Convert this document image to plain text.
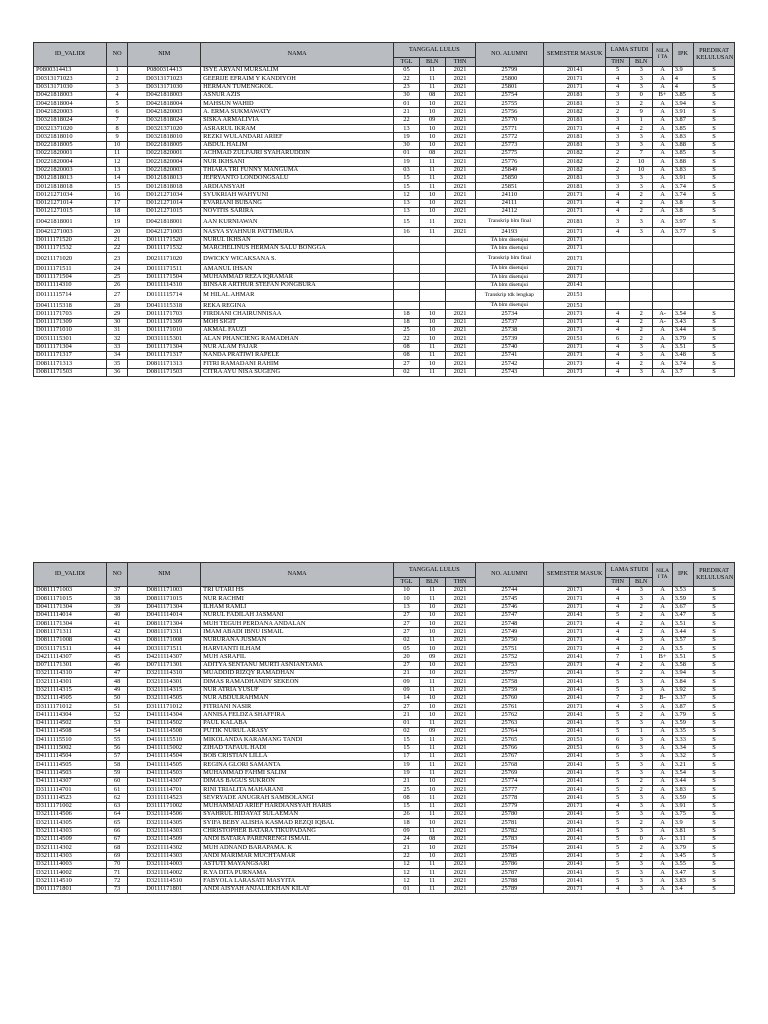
ID_VALIDI	NO	NIM	NAMA	TANGGAL LULUS			NO. ALUMNI	SEMESTER MASUK	LAMA STUDI		NILA I TA	IPK	PREDIKAT KELULUSAN
				TGL	BLN	THN			THN	BLN			
P0800314413	1	P0800314413	ISYE ARYANI MURSALIM	05	11	2021	25799	20141	5	3	A	3.9	S
D0313171023	2	D0313171023	GEERIJE EFRAIM Y KANDIYOH	22	11	2021	25800	20171	4	3	A	4	S
D0313171030	3	D0313171030	HERMAN TUMENGKOL	23	11	2021	25801	20171	4	3	A	4	S
D0421818003	4	D0421818003	ASNUR AZIS	30	08	2021	25754	20181	3	0	B+	3.85	S
D0421818004	5	D0421818004	MAHSUN WAHID	01	10	2021	25755	20181	3	2	A	3.94	S
D0421820003	6	D0421820003	A. ERMA SUKMAWATY	21	10	2021	25756	20182	2	9	A	3.91	S
D0321818024	7	D0321818024	SISKA ARMALIVIA	22	09	2021	25770	20181	3	1	A	3.87	S
D0321371020	8	D0321371020	ASRARUL IKRAM	13	10	2021	25771	20171	4	2	A	3.85	S
D0321818010	9	D0321818010	REZKI WULANDARI ARIEF	19	10	2021	25772	20181	3	3	A	3.83	S
D0221818005	10	D0221818005	ABDUL HALIM	30	10	2021	25773	20181	3	3	A	3.88	S
D0221820001	11	D0221820001	ACHMAD ZULFAJRI SYAHARUDDIN	01	08	2021	25775	20182	2	7	A	3.85	S
D0221820004	12	D0221820004	NUR IKHSANI	19	11	2021	25776	20182	2	10	A	3.88	S
D0221820003	13	D0221820003	THIARA TRI FUNNY MANGUMA	03	11	2021	25849	20182	2	10	A	3.83	S
D0121818013	14	D0121818013	JEFRYANTO LONDONGSALU	15	11	2021	25850	20181	3	3	A	3.91	S
D0121818018	15	D0121818018	ARDIANSYAH	15	11	2021	25851	20181	3	3	A	3.74	S
D0121271034	16	D0121271034	SYUKRIAH WAHYUNI	12	10	2021	24110	20171	4	2	A	3.74	S
D0121271014	17	D0121271014	EVARIANI BUBANG	13	10	2021	24111	20171	4	2	A	3.8	S
D0121271015	18	D0121271015	NOVITIS SARIRA	13	10	2021	24112	20171	4	2	A	3.8	S
D0421818001	19	D0421818001	AAN KURNIAWAN	15	11	2021	Transkrip blm final	20181	3	3	A	3.97	S
D0421271003	20	D0421271003	NASYA SYAHNUR PATTIMURA	16	11	2021	24193	20171	4	3	A	3.77	S
D0111171520	21	D0111171520	NURUL IKHSAN				TA blm disetujui	20171					
D0111171532	22	D0111171532	MARCHELINUS HERMAN SALU BONGGA				TA blm disetujui	20171					
D0211171020	23	D0211171020	DWICKY WICAKSANA S.				Transkrip blm final	20171					
D0111171511	24	D0111171511	AMANUL IHSAN				TA blm disetujui	20171					
D0111171504	25	D0111171504	MUHAMMAD REZA IQRAMAR				TA blm disetujui	20171					
D0111114310	26	D0111114310	BINSAR ARTHUR STEFAN PONGBURA				TA blm disetujui	20141					
D0111115714	27	D0111115714	M HILAL AHMAR				Transkrip tdk lengkap	20151					
D0411115318	28	D0411115318	REKA REGINA				TA blm disetujui	20151					
D0111171703	29	D0111171703	FIRDIANI CHAIRUNNISAA	18	10	2021	25734	20171	4	2	A-	3.54	S
D0111171309	30	D0111171309	MOH SIGIT	18	10	2021	25737	20171	4	2	A-	3.43	S
D0111171010	31	D0111171010	AKMAL FAUZI	25	10	2021	25738	20171	4	2	A	3.44	S
D0311115301	32	D0311115301	ALAN PHANCIENG RAMADHAN	22	10	2021	25739	20151	6	2	A	3.79	S
D0111171304	33	D0111171304	NUR ALAM FAJAR	08	11	2021	25740	20171	4	3	A	3.51	S
D0111171317	34	D0111171317	NANDA PRATIWI RAPELE	08	11	2021	25741	20171	4	3	A	3.48	S
D0811171313	35	D0811171313	FITRI RAMADANI RAHIM	27	10	2021	25742	20171	4	2	A	3.74	S
D0811171503	36	D0811171503	CITRA AYU NISA SUGENG	02	11	2021	25743	20171	4	3	A	3.7	S
ID_VALIDI	NO	NIM	NAMA	TANGGAL LULUS			NO. ALUMNI	SEMESTER MASUK	LAMA STUDI		NILA I TA	IPK	PREDIKAT KELULUSAN
				TGL	BLN	THN			THN	BLN			
D0811171003	37	D0811171003	TRI UTARI HS	10	11	2021	25744	20171	4	3	A	3.53	S
D0811171015	38	D0811171015	NUR RACHMI	10	11	2021	25745	20171	4	3	A	3.59	S
D0411171304	39	D0411171304	ILHAM RAMLI	13	10	2021	25746	20171	4	2	A	3.67	S
D0411114014	40	D0411114014	NURUL FADILAH JASMANI	27	10	2021	25747	20141	5	2	A	3.47	S
D0811171304	41	D0811171304	MUH TEGUH PERDANA ANDALAN	27	10	2021	25748	20171	4	2	A	3.51	S
D0811171311	42	D0811171311	IMAM ABADI IBNU ISMAIL	27	10	2021	25749	20171	4	2	A	3.44	S
D0811171008	43	D0811171008	NURURANA JUSMAN	02	11	2021	25750	20171	4	3	A	3.57	S
D0311171511	44	D0311171511	HARVIANTI ILHAM	05	10	2021	25751	20171	4	2	A	3.5	S
D4211114307	45	D4211114307	MUH ASRAFIL	20	09	2021	25752	20141	7	1	B+	3.51	S
D0711171301	46	D0711171301	ADITYA SENTANU MURTI ASNIANTAMA	27	10	2021	25753	20171	4	2	A	3.58	S
D3211114310	47	D3211114310	MUADDID RIZQY RAMADHAN	21	10	2021	25757	20141	5	2	A	3.94	S
D3211114301	48	D3211114301	DIMAS RAMADHANDY SEKEON	09	11	2021	25758	20141	5	3	A	3.84	S
D3211114315	49	D3211114315	NUR ATRIA YUSUF	09	11	2021	25759	20141	5	3	A	3.92	S
D3211114505	50	D3211114505	NUR ABDULRAHMAN	14	10	2021	25760	20141	7	2	B-	3.37	S
D3111171012	51	D3111171012	FITRIANI NASIR	27	10	2021	25761	20171	4	3	A	3.87	S
D4111114304	52	D4111114304	ANNISA FELDZA SHAFFIRA	21	10	2021	25762	20141	5	2	A	3.79	S
D4111114502	53	D4111114502	PAUL KALABA	01	11	2021	25763	20141	5	3	A	3.59	S
D4111114508	54	D4111114508	PUTIK NURUL ARASY	02	09	2021	25764	20141	5	1	A	3.35	S
D4111115510	55	D4111115510	MIKOLANDA KARAMANG TANDI	15	11	2021	25765	20151	6	3	A	3.33	S
D4111115002	56	D4111115002	ZIHAD TAFAUL HADI	15	11	2021	25766	20151	6	3	A	3.34	S
D4111114504	57	D4111114504	BOB CRISTIAN LILLA	17	11	2021	25767	20141	5	3	A	3.32	S
D4111114505	58	D4111114505	REGINA GLORI SAMANTA	19	11	2021	25768	20141	5	3	A	3.21	S
D4111114503	59	D4111114503	MUHAMMAD FAHMI SALIM	19	11	2021	25769	20141	5	3	A	3.54	S
D4111114307	60	D4111114307	DIMAS BAGUS SUKRON	21	10	2021	25774	20141	5	2	A	3.44	S
D3111114701	61	D3111114701	RINI TRIALITA MAHARANI	25	10	2021	25777	20141	5	2	A	3.83	S
D3111114523	62	D3111114523	SEVRYADE ANUGRAH SAMBOLANGI	08	11	2021	25778	20141	5	3	A	3.59	S
D3111171002	63	D3111171002	MUHAMMAD ARIEF HARDIANSYAH HARIS	15	11	2021	25779	20171	4	3	A	3.91	S
D3211114506	64	D3211114506	SYAHRUL HIDAYAT SULAEMAN	26	11	2021	25780	20141	5	3	A	3.75	S
D3211114305	65	D3211114305	SYIFA BEBY ALISHA KASMAD REZQI IQBAL	18	10	2021	25781	20141	5	2	A	3.9	S
D3211114303	66	D3211114303	CHRISTOPHER BATARA TIKUPADANG	09	11	2021	25782	20141	5	3	A	3.81	S
D3211114509	67	D3211114509	ANDI BATARA PARENRENGI ISMAIL	24	08	2021	25783	20141	5	0	A-	3.11	S
D3211114302	68	D3211114302	MUH ADNAND BARAPAMA. K	21	10	2021	25784	20141	5	2	A	3.79	S
D3211114303	69	D3211114303	ANDI MARIMAR MUCHTAMAR	22	10	2021	25785	20141	5	2	A	3.45	S
D3211114003	70	D3211114003	ASTUTI MAYANGSARI	12	11	2021	25786	20141	5	3	A	3.55	S
D3211114002	71	D3211114002	R.YA DITA PURNAMA	12	11	2021	25787	20141	5	3	A	3.47	S
D3211114510	72	D3211114510	FABYOLA LARASATI MASYITA	12	11	2021	25788	20141	5	3	A	3.83	S
D0111171801	73	D0111171801	ANDI AISYAH ANJALIEKHAN KILAT	01	11	2021	25789	20171	4	3	A	3.4	S
